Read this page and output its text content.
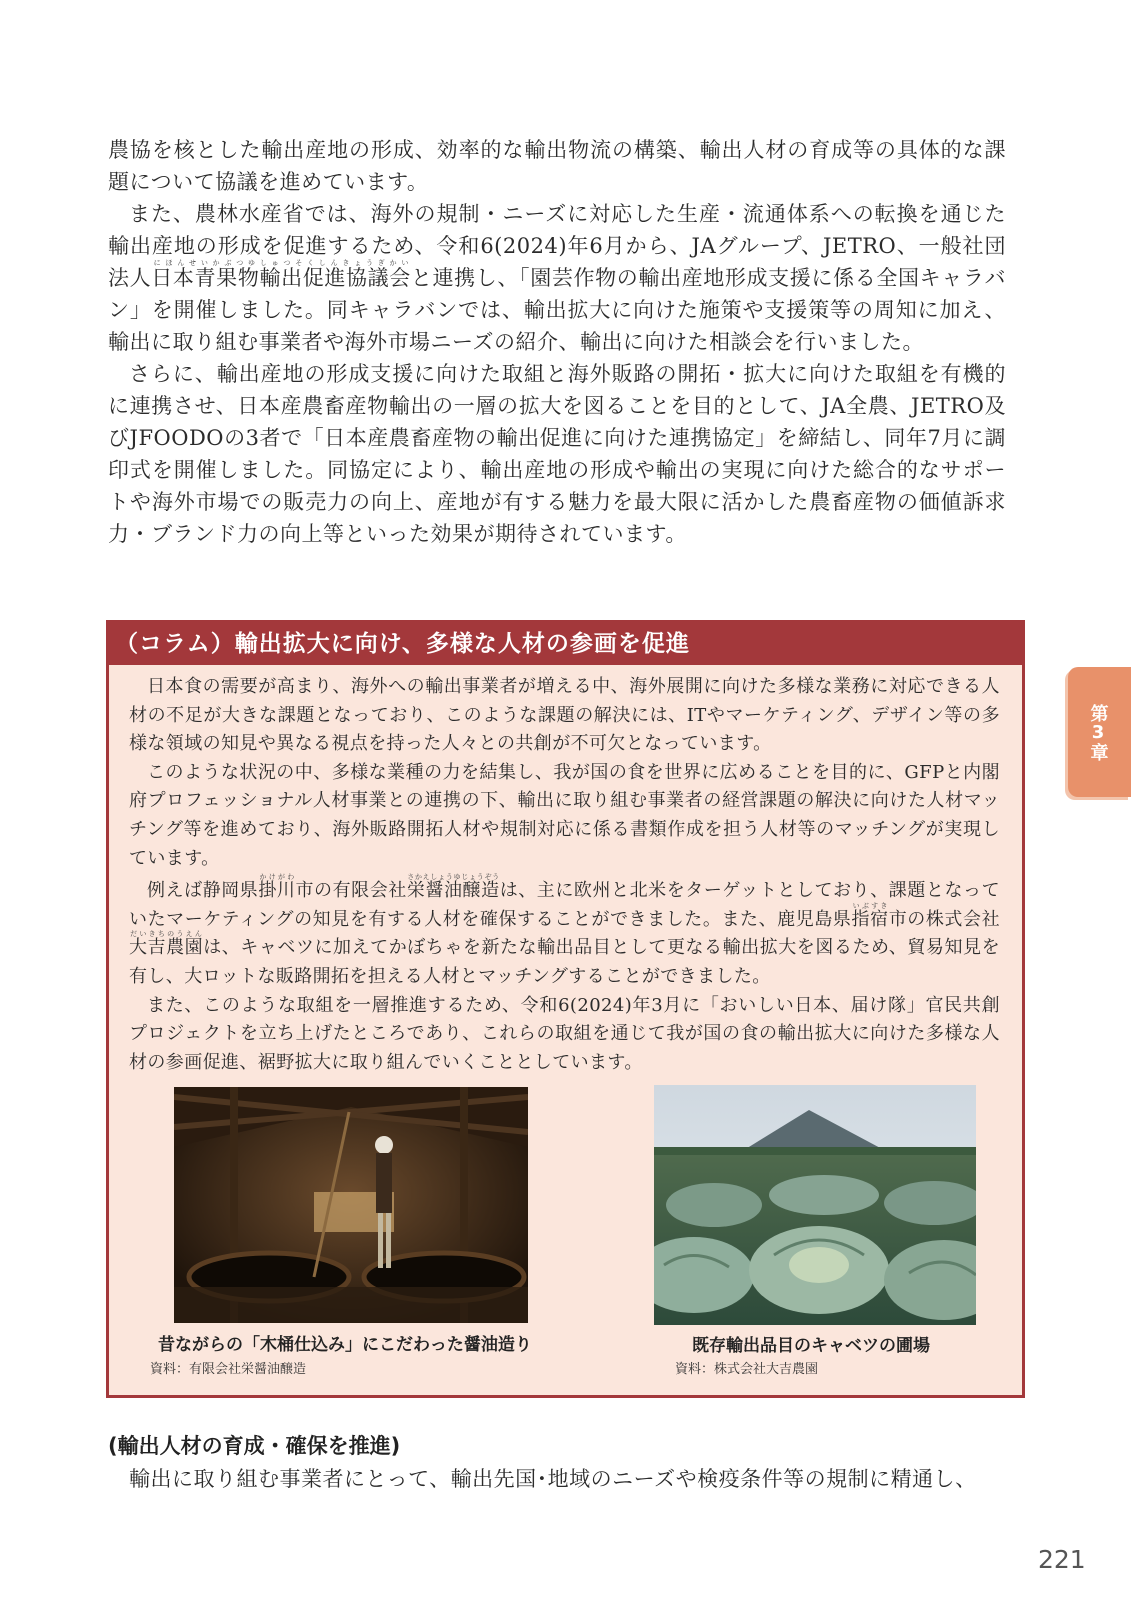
農協を核とした輸出産地の形成、効率的な輸出物流の構築、輸出人材の育成等の具体的な課題について協議を進めています。

また、農林水産省では、海外の規制・ニーズに対応した生産・流通体系への転換を通じた輸出産地の形成を促進するため、令和6(2024)年6月から、JAグループ、JETRO、一般社団法人日本青果物輸出促進協議会にほんせいかぶつゆしゅつそくしんきょうぎかいと連携し、「園芸作物の輸出産地形成支援に係る全国キャラバン」を開催しました。同キャラバンでは、輸出拡大に向けた施策や支援策等の周知に加え、輸出に取り組む事業者や海外市場ニーズの紹介、輸出に向けた相談会を行いました。

さらに、輸出産地の形成支援に向けた取組と海外販路の開拓・拡大に向けた取組を有機的に連携させ、日本産農畜産物輸出の一層の拡大を図ることを目的として、JA全農、JETRO及びJFOODOの3者で「日本産農畜産物の輸出促進に向けた連携協定」を締結し、同年7月に調印式を開催しました。同協定により、輸出産地の形成や輸出の実現に向けた総合的なサポートや海外市場での販売力の向上、産地が有する魅力を最大限に活かした農畜産物の価値訴求力・ブランド力の向上等といった効果が期待されています。

（コラム）輸出拡大に向け、多様な人材の参画を促進

日本食の需要が高まり、海外への輸出事業者が増える中、海外展開に向けた多様な業務に対応できる人材の不足が大きな課題となっており、このような課題の解決には、ITやマーケティング、デザイン等の多様な領域の知見や異なる視点を持った人々との共創が不可欠となっています。

このような状況の中、多様な業種の力を結集し、我が国の食を世界に広めることを目的に、GFPと内閣府プロフェッショナル人材事業との連携の下、輸出に取り組む事業者の経営課題の解決に向けた人材マッチング等を進めており、海外販路開拓人材や規制対応に係る書類作成を担う人材等のマッチングが実現しています。

例えば静岡県掛川かけがわ市の有限会社栄醤油醸造さかえしょうゆじょうぞうは、主に欧州と北米をターゲットとしており、課題となっていたマーケティングの知見を有する人材を確保することができました。また、鹿児島県指宿いぶすき市の株式会社大吉農園だいきちのうえんは、キャベツに加えてかぼちゃを新たな輸出品目として更なる輸出拡大を図るため、貿易知見を有し、大ロットな販路開拓を担える人材とマッチングすることができました。

また、このような取組を一層推進するため、令和6(2024)年3月に「おいしい日本、届け隊」官民共創プロジェクトを立ち上げたところであり、これらの取組を通じて我が国の食の輸出拡大に向けた多様な人材の参画促進、裾野拡大に取り組んでいくこととしています。

昔ながらの「木桶仕込み」にこだわった醤油造り
資料：有限会社栄醤油醸造
既存輸出品目のキャベツの圃場
資料：株式会社大吉農園
(輸出人材の育成・確保を推進)

輸出に取り組む事業者にとって、輸出先国･地域のニーズや検疫条件等の規制に精通し、

第3章
221
